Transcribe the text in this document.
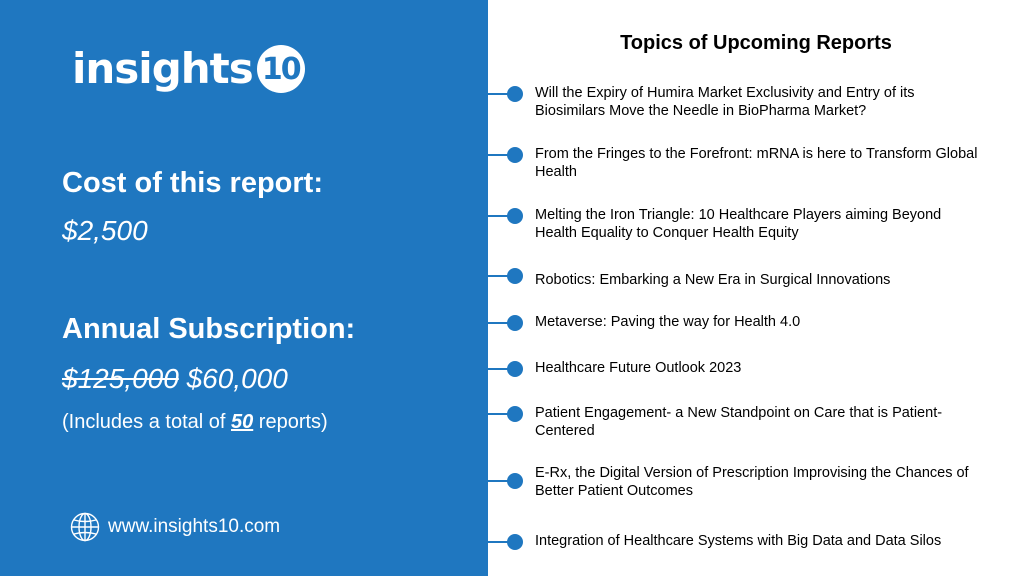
insights 10
Cost of this report:
$2,500
Annual Subscription:
$125,000 $60,000
(Includes a total of 50 reports)
www.insights10.com
Topics of Upcoming Reports
Will the Expiry of Humira Market Exclusivity and Entry of its Biosimilars Move the Needle in BioPharma Market?
From the Fringes to the Forefront: mRNA is here to Transform Global Health
Melting the Iron Triangle: 10 Healthcare Players aiming Beyond Health Equality to Conquer Health Equity
Robotics: Embarking a New Era in Surgical Innovations
Metaverse: Paving the way for Health 4.0
Healthcare Future Outlook 2023
Patient Engagement- a New Standpoint on Care that is Patient-Centered
E-Rx, the Digital Version of Prescription Improvising the Chances of Better Patient Outcomes
Integration of Healthcare Systems with Big Data and Data Silos
